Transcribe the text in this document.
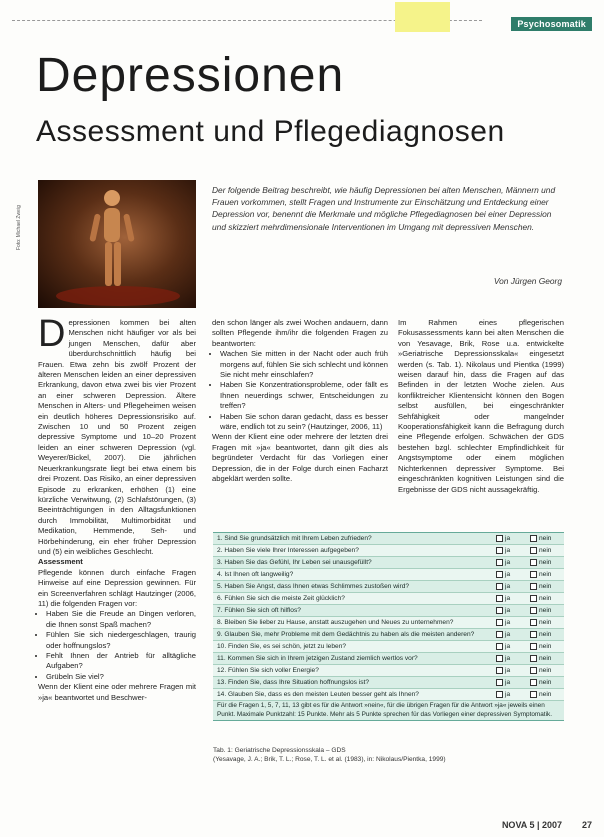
Psychosomatik
Depressionen
Assessment und Pflegediagnosen
Foto: Michael Zweig
Der folgende Beitrag beschreibt, wie häufig Depressionen bei alten Menschen, Männern und Frauen vorkommen, stellt Fragen und Instrumente zur Einschätzung und Entdeckung einer Depression vor, benennt die Merkmale und mögliche Pflegediagnosen bei einer Depression und skizziert mehrdimensionale Interventionen im Umgang mit depressiven Menschen.
Von Jürgen Georg

Depressionen kommen bei alten Menschen nicht häufiger vor als bei jungen Menschen, dafür aber überdurchschnittlich häufig bei Frauen. Etwa zehn bis zwölf Prozent der älteren Menschen leiden an einer depressiven Erkrankung, davon etwa zwei bis vier Prozent an einer schweren Depression. Ältere Menschen in Alters- und Pflegeheimen weisen ein deutlich höheres Depressionsrisiko auf. Zwischen 10 und 50 Prozent zeigen depressive Symptome und 10–20 Prozent leiden an einer schweren Depression (vgl. Weyerer/Bickel, 2007). Die jährlichen Neuerkrankungsrate liegt bei etwa einem bis drei Prozent. Das Risiko, an einer depressiven Episode zu erkranken, erhöhen (1) eine kürzliche Verwitwung, (2) Schlafstörungen, (3) Beeinträchtigungen in den Alltagsfunktionen durch Immobilität, Multimorbidität und Medikation, Hemmende, Seh- und Hörbehinderung, ein eher früher Depression und (5) ein weibliches Geschlecht.

Assessment

Pflegende können durch einfache Fragen Hinweise auf eine Depression gewinnen. Für ein Screenverfahren schlägt Hautzinger (2006, 11) die folgenden Fragen vor:

• Haben Sie die Freude an Dingen verloren, die Ihnen sonst Spaß machen?
• Fühlen Sie sich niedergeschlagen, traurig oder hoffnungslos?
• Fehlt Ihnen der Antrieb für alltägliche Aufgaben?
• Grübeln Sie viel?

Wenn der Klient eine oder mehrere Fragen mit »ja« beantwortet und Beschwer-

den schon länger als zwei Wochen andauern, dann sollten Pflegende ihm/ihr die folgenden Fragen zu beantworten:

• Wachen Sie mitten in der Nacht oder auch früh morgens auf, fühlen Sie sich schlecht und können Sie nicht mehr einschlafen?
• Haben Sie Konzentrationsprobleme, oder fällt es Ihnen neuerdings schwer, Entscheidungen zu treffen?
• Haben Sie schon daran gedacht, dass es besser wäre, endlich tot zu sein? (Hautzinger, 2006, 11)

Wenn der Klient eine oder mehrere der letzten drei Fragen mit »ja« beantwortet, dann gilt dies als begründeter Verdacht für das Vorliegen einer Depression, die in der Folge durch einen Facharzt abgeklärt werden sollte.

Im Rahmen eines pflegerischen Fokusassessments kann bei alten Menschen die von Yesavage, Brik, Rose u.a. entwickelte »Geriatrische Depressionsskala« eingesetzt werden (s. Tab. 1). Nikolaus und Pientka (1999) weisen darauf hin, dass die Fragen auf das Befinden in der letzten Woche zielen. Aus konfliktreicher Klientensicht können den Bogen selbst ausfüllen, bei eingeschränkter Sehfähigkeit oder mangelnder Kooperationsfähigkeit kann die Befragung durch eine Pflegende erfolgen. Schwächen der GDS bestehen bzgl. schlechter Empfindlichkeit für Angstsymptome oder einem möglichen Nichterkennen depressiver Symptome. Bei eingeschränkten kognitiven Leistungen sind die Ergebnisse der GDS nicht aussagekräftig.

1. Sind Sie grundsätzlich mit Ihrem Leben zufrieden?	ja	nein
2. Haben Sie viele Ihrer Interessen aufgegeben?	ja	nein
3. Haben Sie das Gefühl, Ihr Leben sei unausgefüllt?	ja	nein
4. Ist Ihnen oft langweilig?	ja	nein
5. Haben Sie Angst, dass Ihnen etwas Schlimmes zustoßen wird?	ja	nein
6. Fühlen Sie sich die meiste Zeit glücklich?	ja	nein
7. Fühlen Sie sich oft hilflos?	ja	nein
8. Bleiben Sie lieber zu Hause, anstatt auszugehen und Neues zu unternehmen?	ja	nein
9. Glauben Sie, mehr Probleme mit dem Gedächtnis zu haben als die meisten anderen?	ja	nein
10. Finden Sie, es sei schön, jetzt zu leben?	ja	nein
11. Kommen Sie sich in Ihrem jetzigen Zustand ziemlich wertlos vor?	ja	nein
12. Fühlen Sie sich voller Energie?	ja	nein
13. Finden Sie, dass Ihre Situation hoffnungslos ist?	ja	nein
14. Glauben Sie, dass es den meisten Leuten besser geht als Ihnen?	ja	nein
Für die Fragen 1, 5, 7, 11, 13 gibt es für die Antwort »nein«, für die übrigen Fragen für die Antwort »ja« jeweils einen Punkt. Maximale Punktzahl: 15 Punkte. Mehr als 5 Punkte sprechen für das Vorliegen einer depressiven Symptomatik.
Tab. 1: Geriatrische Depressionsskala – GDS
(Yesavage, J. A.; Brik, T. L.; Rose, T. L. et al. (1983), in: Nikolaus/Pientka, 1999)
NOVA 5 | 2007 27
